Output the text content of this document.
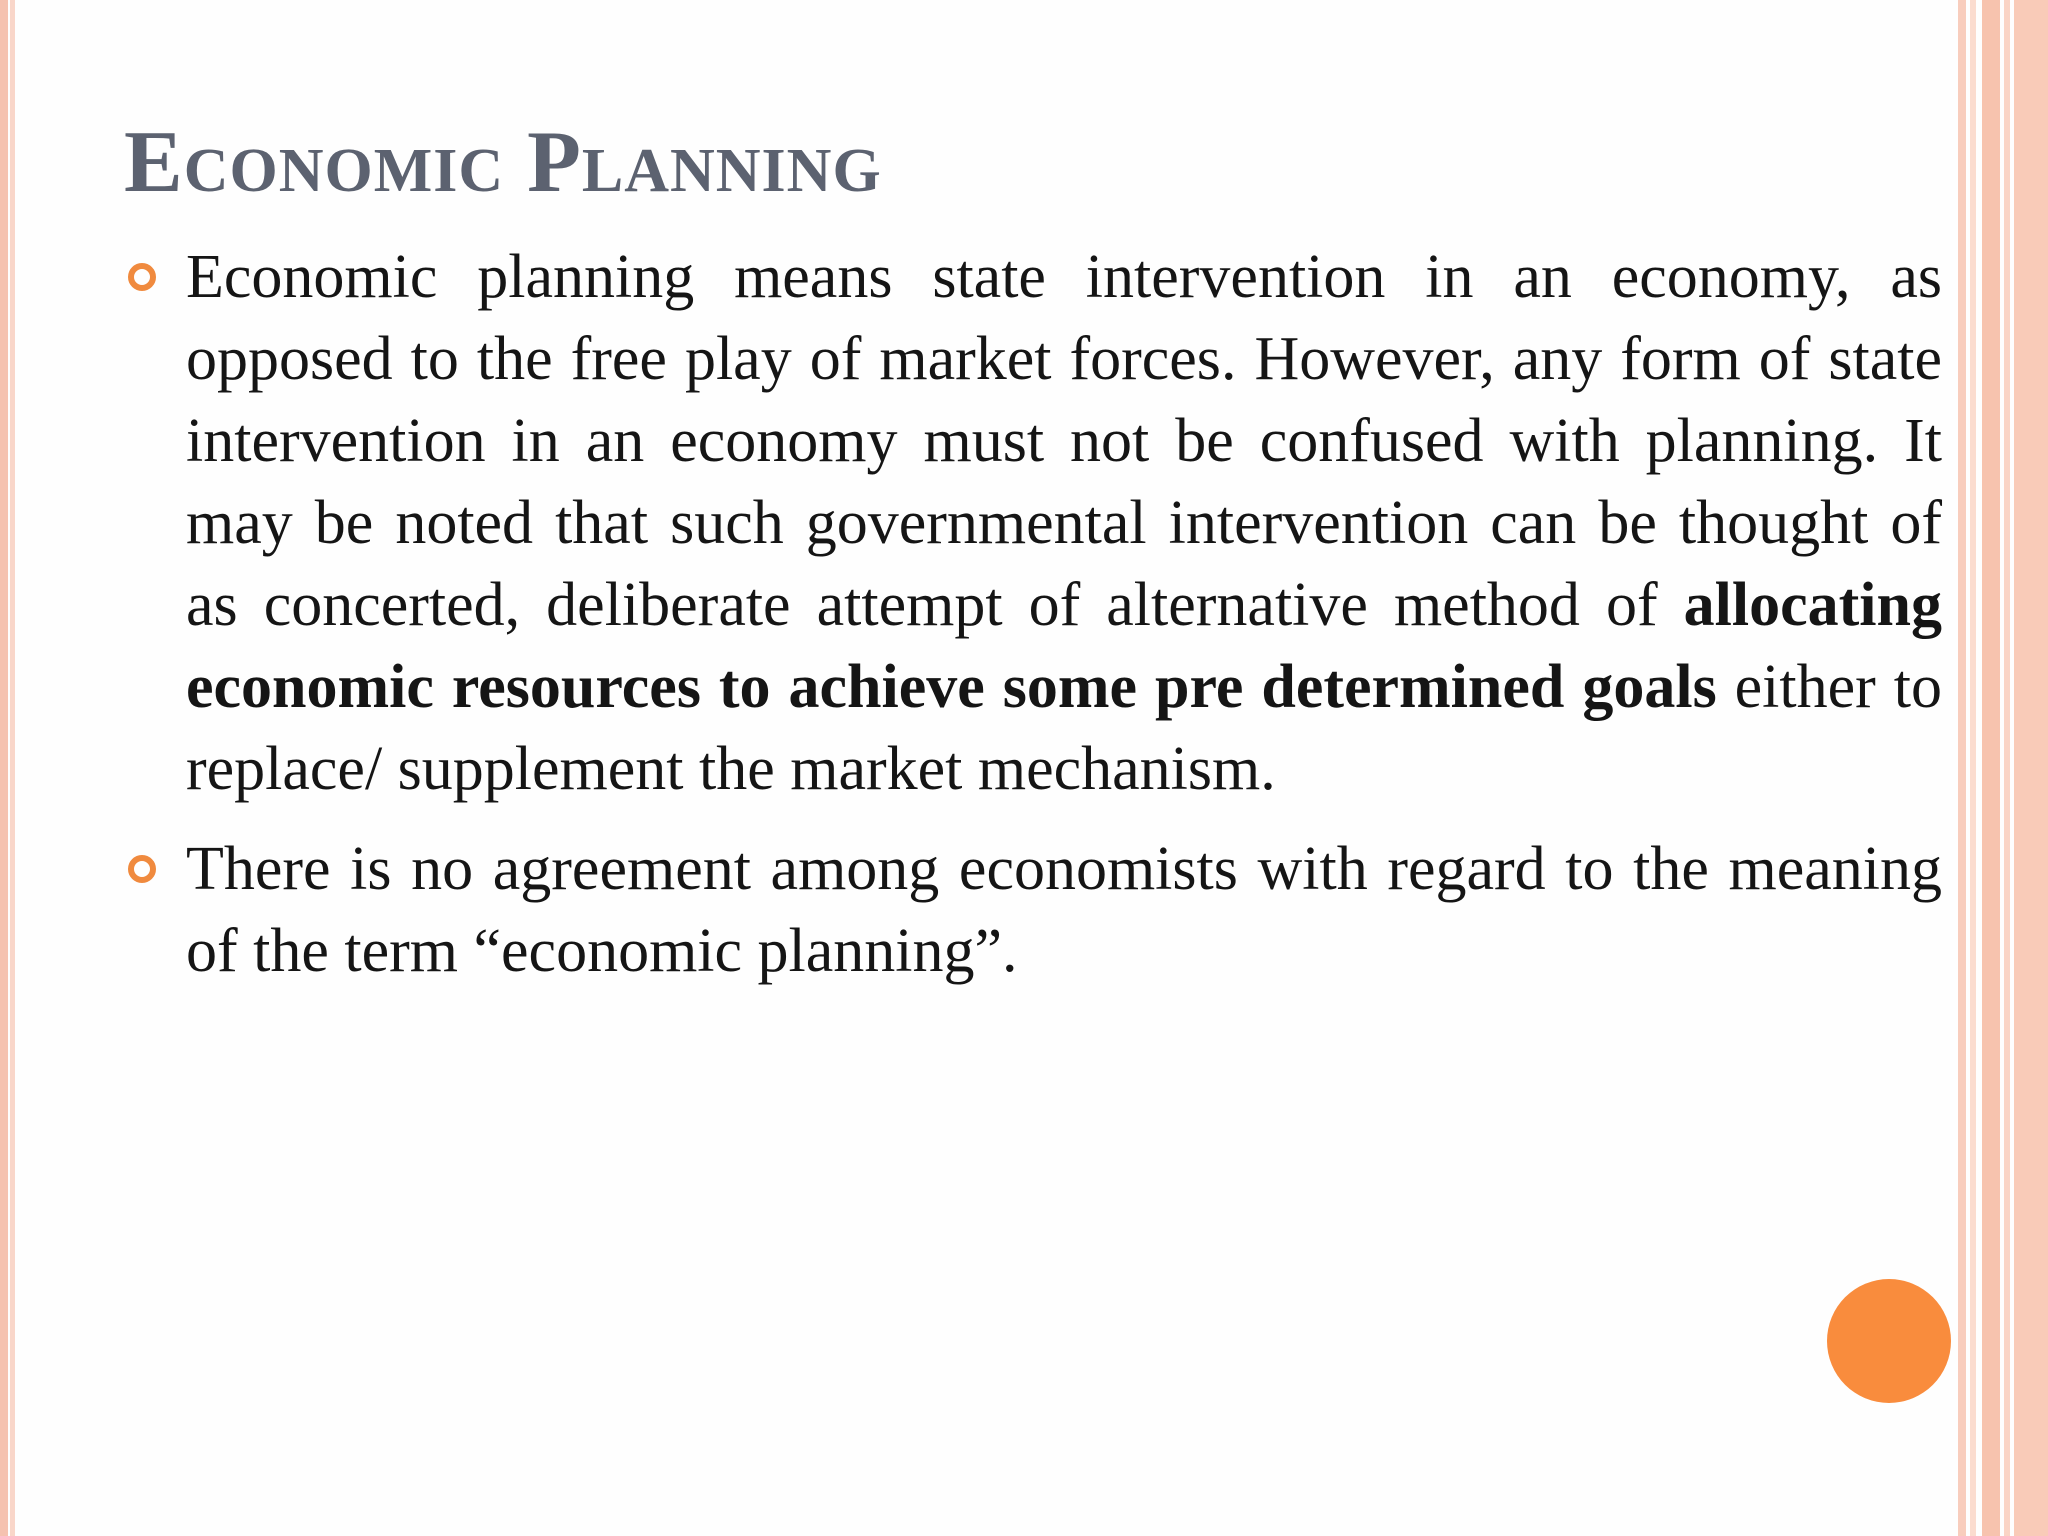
Economic Planning
Economic planning means state intervention in an economy, as opposed to the free play of market forces. However, any form of state intervention in an economy must not be confused with planning. It may be noted that such governmental intervention can be thought of as concerted, deliberate attempt of alternative method of allocating economic resources to achieve some pre determined goals either to replace/ supplement the market mechanism.
There is no agreement among economists with regard to the meaning of the term “economic planning”.
